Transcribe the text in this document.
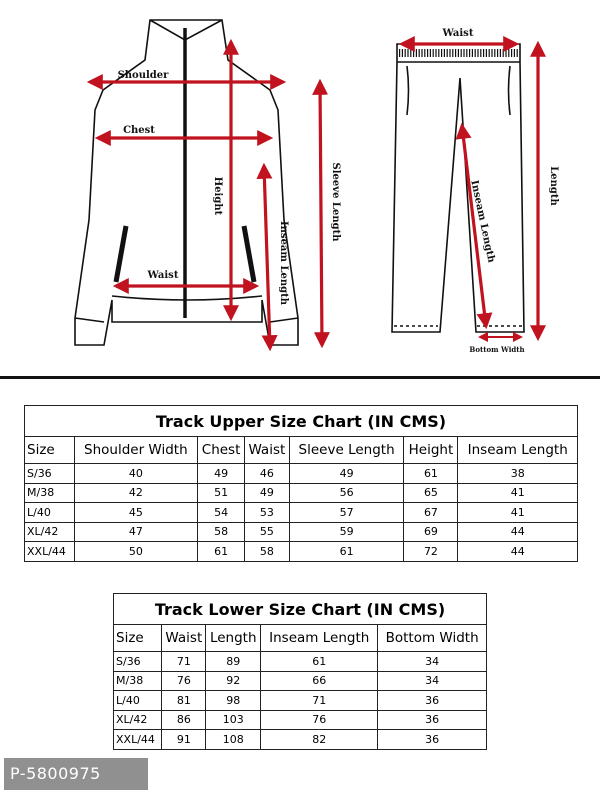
Shoulder
Chest
Waist
Height
Inseam Length
Sleeve Length
Waist
Length
Inseam Length
Bottom Width
Track Upper Size Chart (IN CMS)						
Size	Shoulder Width	Chest	Waist	Sleeve Length	Height	Inseam Length
S/36	40	49	46	49	61	38
M/38	42	51	49	56	65	41
L/40	45	54	53	57	67	41
XL/42	47	58	55	59	69	44
XXL/44	50	61	58	61	72	44
Track Lower Size Chart (IN CMS)				
Size	Waist	Length	Inseam Length	Bottom Width
S/36	71	89	61	34
M/38	76	92	66	34
L/40	81	98	71	36
XL/42	86	103	76	36
XXL/44	91	108	82	36
P-5800975
